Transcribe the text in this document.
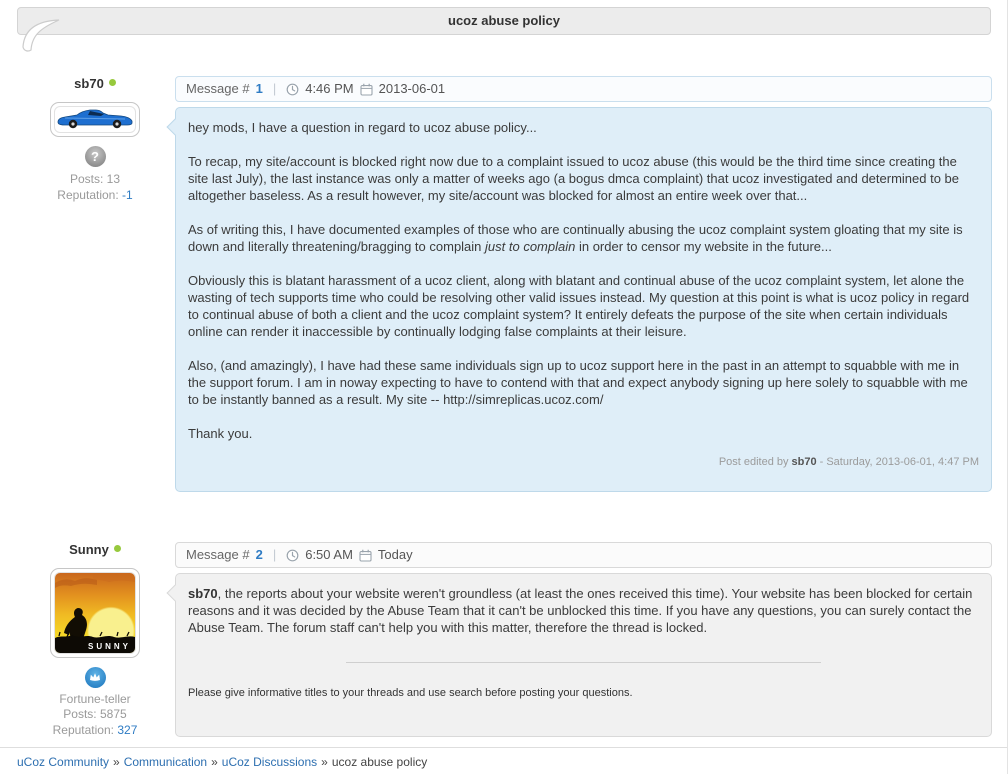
ucoz abuse policy
sb70
?
Posts: 13
Reputation: -1
Message # 1 |	4:46 PM 2013-06-01

hey mods, I have a question in regard to ucoz abuse policy...

To recap, my site/account is blocked right now due to a complaint issued to ucoz abuse (this would be the third time since creating the site last July), the last instance was only a matter of weeks ago (a bogus dmca complaint) that ucoz investigated and determined to be altogether baseless. As a result however, my site/account was blocked for almost an entire week over that...

As of writing this, I have documented examples of those who are continually abusing the ucoz complaint system gloating that my site is down and literally threatening/bragging to complain just to complain in order to censor my website in the future...

Obviously this is blatant harassment of a ucoz client, along with blatant and continual abuse of the ucoz complaint system, let alone the wasting of tech supports time who could be resolving other valid issues instead. My question at this point is what is ucoz policy in regard to continual abuse of both a client and the ucoz complaint system? It entirely defeats the purpose of the site when certain individuals online can render it inaccessible by continually lodging false complaints at their leisure.

Also, (and amazingly), I have had these same individuals sign up to ucoz support here in the past in an attempt to squabble with me in the support forum. I am in noway expecting to have to contend with that and expect anybody signing up here solely to squabble with me to be instantly banned as a result. My site -- http://simreplicas.ucoz.com/

Thank you.

Post edited by sb70 - Saturday, 2013-06-01, 4:47 PM
Sunny
SUNNY
Fortune-teller
Posts: 5875
Reputation: 327
Message # 2 |	6:50 AM Today

sb70, the reports about your website weren't groundless (at least the ones received this time). Your website has been blocked for certain reasons and it was decided by the Abuse Team that it can't be unblocked this time. If you have any questions, you can surely contact the Abuse Team. The forum staff can't help you with this matter, therefore the thread is locked.

Please give informative titles to your threads and use search before posting your questions.
uCoz Community » Communication » uCoz Discussions » ucoz abuse policy
